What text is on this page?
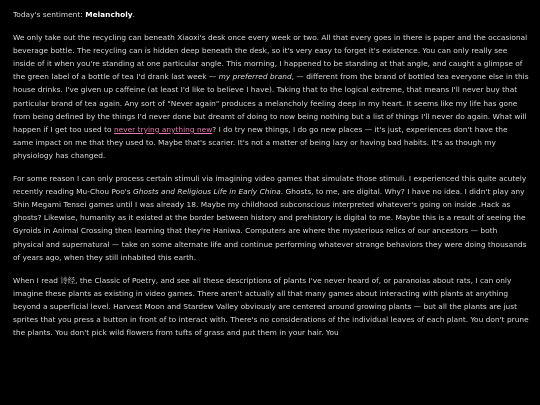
Today's sentiment: Melancholy.

We only take out the recycling can beneath Xiaoxi's desk once every week or two. All that every goes in there is paper and the occasional beverage bottle. The recycling can is hidden deep beneath the desk, so it's very easy to forget it's existence. You can only really see inside of it when you're standing at one particular angle. This morning, I happened to be standing at that angle, and caught a glimpse of the green label of a bottle of tea I'd drank last week — my preferred brand, — different from the brand of bottled tea everyone else in this house drinks. I've given up caffeine (at least I'd like to believe I have). Taking that to the logical extreme, that means I'll never buy that particular brand of tea again. Any sort of "Never again" produces a melancholy feeling deep in my heart. It seems like my life has gone from being defined by the things I'd never done but dreamt of doing to now being nothing but a list of things I'll never do again. What will happen if I get too used to never trying anything new? I do try new things, I do go new places — it's just, experiences don't have the same impact on me that they used to. Maybe that's scarier. It's not a matter of being lazy or having bad habits. It's as though my physiology has changed.

For some reason I can only process certain stimuli via imagining video games that simulate those stimuli. I experienced this quite acutely recently reading Mu-Chou Poo's Ghosts and Religious Life in Early China. Ghosts, to me, are digital. Why? I have no idea. I didn't play any Shin Megami Tensei games until I was already 18. Maybe my childhood subconscious interpreted whatever's going on inside .Hack as ghosts? Likewise, humanity as it existed at the border between history and prehistory is digital to me. Maybe this is a result of seeing the Gyroids in Animal Crossing then learning that they're Haniwa. Computers are where the mysterious relics of our ancestors — both physical and supernatural — take on some alternate life and continue performing whatever strange behaviors they were doing thousands of years ago, when they still inhabited this earth.

When I read 诗经, the Classic of Poetry, and see all these descriptions of plants I've never heard of, or paranoias about rats, I can only imagine these plants as existing in video games. There aren't actually all that many games about interacting with plants at anything beyond a superficial level. Harvest Moon and Stardew Valley obviously are centered around growing plants — but all the plants are just sprites that you press a button in front of to interact with. There's no considerations of the individual leaves of each plant. You don't prune the plants. You don't pick wild flowers from tufts of grass and put them in your hair. You
